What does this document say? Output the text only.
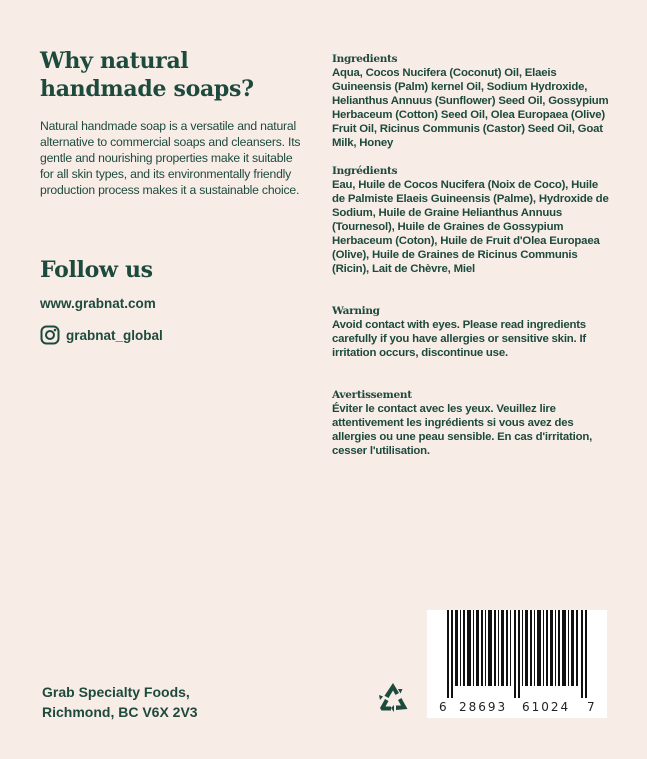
Why natural handmade soaps?
Natural handmade soap is a versatile and natural alternative to commercial soaps and cleansers. Its gentle and nourishing properties make it suitable for all skin types, and its environmentally friendly production process makes it a sustainable choice.
Follow us
www.grabnat.com
grabnat_global
Ingredients
Aqua, Cocos Nucifera (Coconut) Oil, Elaeis Guineensis (Palm) kernel Oil, Sodium Hydroxide, Helianthus Annuus (Sunflower) Seed Oil, Gossypium Herbaceum (Cotton) Seed Oil, Olea Europaea (Olive) Fruit Oil, Ricinus Communis (Castor) Seed Oil, Goat Milk, Honey
Ingrédients
Eau, Huile de Cocos Nucifera (Noix de Coco), Huile de Palmiste Elaeis Guineensis (Palme), Hydroxide de Sodium, Huile de Graine Helianthus Annuus (Tournesol), Huile de Graines de Gossypium Herbaceum (Coton), Huile de Fruit d'Olea Europaea (Olive), Huile de Graines de Ricinus Communis (Ricin), Lait de Chèvre, Miel
Warning
Avoid contact with eyes. Please read ingredients carefully if you have allergies or sensitive skin. If irritation occurs, discontinue use.
Avertissement
Éviter le contact avec les yeux. Veuillez lire attentivement les ingrédients si vous avez des allergies ou une peau sensible. En cas d'irritation, cesser l'utilisation.
Grab Specialty Foods,
Richmond, BC V6X 2V3	6 28693 61024 7
